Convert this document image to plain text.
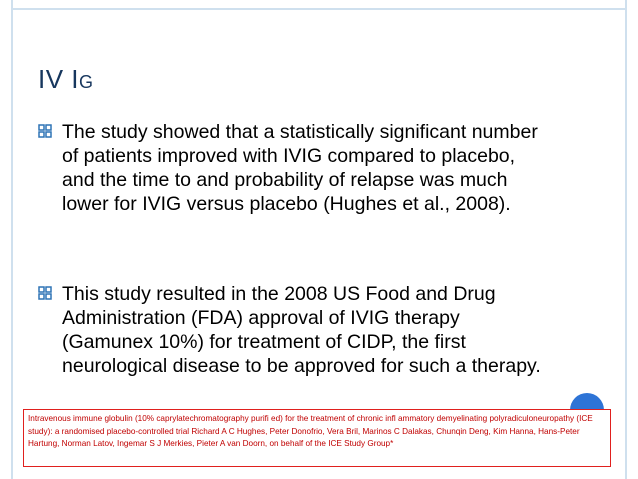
IV IG
The study showed that a statistically significant number of patients improved with IVIG compared to placebo, and the time to and probability of relapse was much lower for IVIG versus placebo (Hughes et al., 2008).
This study resulted in the 2008 US Food and Drug Administration (FDA) approval of IVIG therapy (Gamunex 10%) for treatment of CIDP, the first neurological disease to be approved for such a therapy.
Intravenous immune globulin (10% caprylatechromatography puriﬁ ed) for the treatment of chronic inﬂ ammatory demyelinating polyradiculoneuropathy (ICE study): a randomised placebo-controlled trial Richard A C Hughes, Peter Donofrio, Vera Bril, Marinos C Dalakas, Chunqin Deng, Kim Hanna, Hans-Peter Hartung, Norman Latov, Ingemar S J Merkies, Pieter A van Doorn, on behalf of the ICE Study Group*
